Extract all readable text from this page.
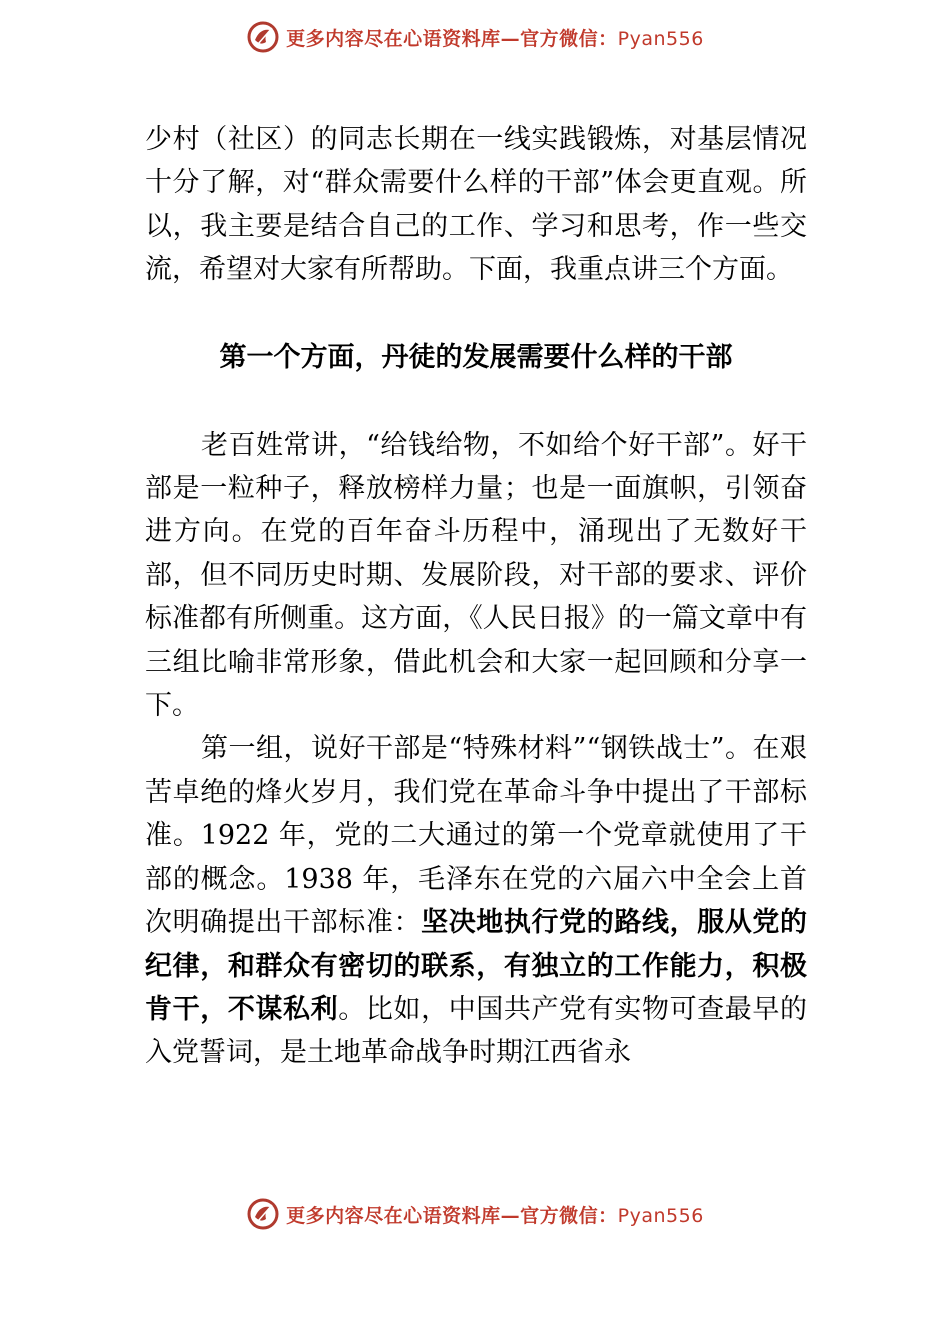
更多内容尽在心语资料库—官方微信：Pyan556

少村（社区）的同志长期在一线实践锻炼，对基层情况十分了解，对“群众需要什么样的干部”体会更直观。所以，我主要是结合自己的工作、学习和思考，作一些交流，希望对大家有所帮助。下面，我重点讲三个方面。

第一个方面，丹徒的发展需要什么样的干部

老百姓常讲，“给钱给物，不如给个好干部”。好干部是一粒种子，释放榜样力量；也是一面旗帜，引领奋进方向。在党的百年奋斗历程中，涌现出了无数好干部，但不同历史时期、发展阶段，对干部的要求、评价标准都有所侧重。这方面，《人民日报》的一篇文章中有三组比喻非常形象，借此机会和大家一起回顾和分享一下。

第一组，说好干部是“特殊材料”“钢铁战士”。在艰苦卓绝的烽火岁月，我们党在革命斗争中提出了干部标准。1922 年，党的二大通过的第一个党章就使用了干部的概念。1938 年，毛泽东在党的六届六中全会上首次明确提出干部标准：坚决地执行党的路线，服从党的纪律，和群众有密切的联系，有独立的工作能力，积极肯干，不谋私利。比如，中国共产党有实物可查最早的入党誓词，是土地革命战争时期江西省永

更多内容尽在心语资料库—官方微信：Pyan556
